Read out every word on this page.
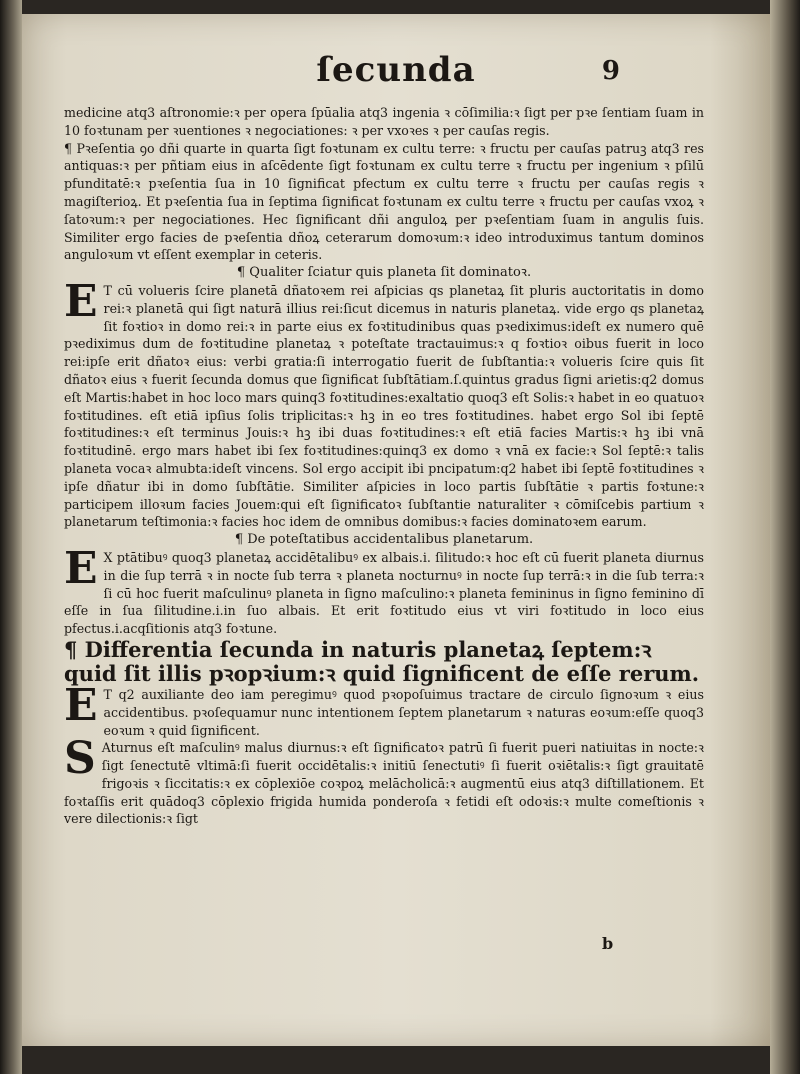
ſecunda	9

medicine atq3 aſtronomie:ꝛ per opera ſpūalia atq3 ingenia ꝛ cōſimilia:ꝛ ſigt per pꝛe ſentiam ſuam in 10 foꝛtunam per ꝛuentiones ꝛ negociationes: ꝛ per vxoꝛes ꝛ per cauſas regis.

¶ Pꝛeſentia ꝯo dñi quarte in quarta ſigt foꝛtunam ex cultu terre: ꝛ fructu per cauſas patruꝫ atq3 res antiquas:ꝛ per pñtiam eius in aſcēdente ſigt foꝛtunam ex cultu terre ꝛ fructu per ingenium ꝛ pſilū pfunditatē:ꝛ pꝛeſentia ſua in 10 ſignificat pfectum ex cultu terre ꝛ fructu per cauſas regis ꝛ magiſterioꝝ. Et pꝛeſentia ſua in ſeptima ſignificat foꝛtunam ex cultu terre ꝛ fructu per cauſas vxoꝝ ꝛ ſatoꝛum:ꝛ per negociationes. Hec ſignificant dñi anguloꝝ per pꝛeſentiam ſuam in angulis ſuis. Similiter ergo facies de pꝛeſentia dñoꝝ ceterarum domoꝛum:ꝛ ideo introduximus tantum dominos anguloꝛum vt eſſent exemplar in ceteris.

¶ Qualiter ſciatur quis planeta ſit dominatoꝛ.

E T cū volueris ſcire planetā dñatoꝛem rei aſpicias qs planetaꝝ ſit pluris auctoritatis in domo rei:ꝛ planetā qui ſigt naturā illius rei:ſicut dicemus in naturis planetaꝝ. vide ergo qs planetaꝝ ſit foꝛtioꝛ in domo rei:ꝛ in parte eius ex foꝛtitudinibus quas pꝛediximus:ideſt ex numero quē pꝛediximus dum de foꝛtitudine planetaꝝ ꝛ poteſtate tractauimus:ꝛ q foꝛtioꝛ oibus fuerit in loco rei:ipſe erit dñatoꝛ eius: verbi gratia:ſi interrogatio fuerit de ſubſtantia:ꝛ volueris ſcire quis ſit dñatoꝛ eius ꝛ fuerit ſecunda domus que ſignificat ſubſtātiam.ſ.quintus gradus ſigni arietis:q2 domus eſt Martis:habet in hoc loco mars quinq3 foꝛtitudines:exaltatio quoq3 eſt Solis:ꝛ habet in eo quatuoꝛ foꝛtitudines. eſt etiā ipſius ſolis triplicitas:ꝛ hꝫ in eo tres foꝛtitudines. habet ergo Sol ibi ſeptē foꝛtitudines:ꝛ eſt terminus Jouis:ꝛ hꝫ ibi duas foꝛtitudines:ꝛ eſt etiā facies Martis:ꝛ hꝫ ibi vnā foꝛtitudinē. ergo mars habet ibi ſex foꝛtitudines:quinq3 ex domo ꝛ vnā ex facie:ꝛ Sol ſeptē:ꝛ talis planeta vocaꝛ almubta:ideſt vincens. Sol ergo accipit ibi pncipatum:q2 habet ibi ſeptē foꝛtitudines ꝛ ipſe dñatur ibi in domo ſubſtātie. Similiter aſpicies in loco partis ſubſtātie ꝛ partis foꝛtune:ꝛ participem illoꝛum facies Jouem:qui eſt ſignificatoꝛ ſubſtantie naturaliter ꝛ cōmiſcebis partium ꝛ planetarum teſtimonia:ꝛ facies hoc idem de omnibus domibus:ꝛ facies dominatoꝛem earum.

¶ De poteſtatibus accidentalibus planetarum.

E X ptātibuꝰ quoq3 planetaꝝ accidētalibuꝰ ex albais.i. ſilitudo:ꝛ hoc eſt cū fuerit planeta diurnus in die ſup terrā ꝛ in nocte ſub terra ꝛ planeta nocturnuꝰ in nocte ſup terrā:ꝛ in die ſub terra:ꝛ ſi cū hoc fuerit maſculinuꝰ planeta in ſigno maſculino:ꝛ planeta femininus in ſigno feminino dī eſſe in ſua ſilitudine.i.in ſuo albais. Et erit foꝛtitudo eius vt viri foꝛtitudo in loco eius pfectus.i.acqſitionis atq3 foꝛtune.

¶ Differentia ſecunda in naturis planetaꝝ ſeptem:ꝛ quid ſit illis pꝛopꝛium:ꝛ quid ſignificent de eſſe rerum.

E T q2 auxiliante deo iam peregimuꝰ quod pꝛopoſuimus tractare de circulo ſignoꝛum ꝛ eius accidentibus. pꝛoſequamur nunc intentionem ſeptem planetarum ꝛ naturas eoꝛum:eſſe quoq3 eoꝛum ꝛ quid ſignificent.

S Aturnus eſt maſculinꝰ malus diurnus:ꝛ eſt ſignificatoꝛ patrū ſi fuerit pueri natiuitas in nocte:ꝛ ſigt ſenectutē vltimā:ſi fuerit occidētalis:ꝛ initiū ſenectutiꝰ ſi fuerit oꝛiētalis:ꝛ ſigt grauitatē frigoꝛis ꝛ ſiccitatis:ꝛ ex cōplexiōe coꝛpoꝝ melācholicā:ꝛ augmentū eius atq3 diſtillationem. Et foꝛtaſſis erit quādoq3 cōplexio frigida humida ponderoſa ꝛ fetidi eſt odoꝛis:ꝛ multe comeſtionis ꝛ vere dilectionis:ꝛ ſigt

b
